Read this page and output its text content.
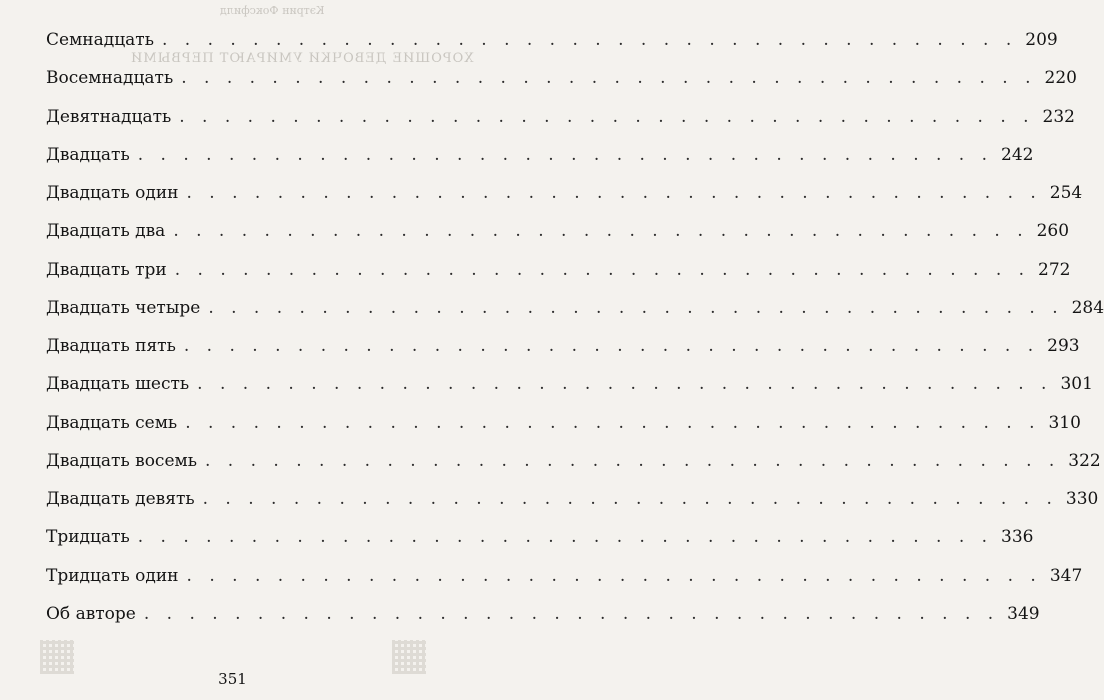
Кэтрин Фоксфилд
ХОРОШИЕ ДЕВОЧКИ УМИРАЮТ ПЕРВЫМИ
Семнадцать . . . . . . . . . . . . . . . . . . . . . . . . . . . . . . . . . . . . . . 209
Восемнадцать . . . . . . . . . . . . . . . . . . . . . . . . . . . . . . . . . . . . . . 220
Девятнадцать . . . . . . . . . . . . . . . . . . . . . . . . . . . . . . . . . . . . . . 232
Двадцать . . . . . . . . . . . . . . . . . . . . . . . . . . . . . . . . . . . . . . 242
Двадцать один . . . . . . . . . . . . . . . . . . . . . . . . . . . . . . . . . . . . . . 254
Двадцать два . . . . . . . . . . . . . . . . . . . . . . . . . . . . . . . . . . . . . . 260
Двадцать три . . . . . . . . . . . . . . . . . . . . . . . . . . . . . . . . . . . . . . 272
Двадцать четыре . . . . . . . . . . . . . . . . . . . . . . . . . . . . . . . . . . . . . . 284
Двадцать пять . . . . . . . . . . . . . . . . . . . . . . . . . . . . . . . . . . . . . . 293
Двадцать шесть . . . . . . . . . . . . . . . . . . . . . . . . . . . . . . . . . . . . . . 301
Двадцать семь . . . . . . . . . . . . . . . . . . . . . . . . . . . . . . . . . . . . . . 310
Двадцать восемь . . . . . . . . . . . . . . . . . . . . . . . . . . . . . . . . . . . . . . 322
Двадцать девять . . . . . . . . . . . . . . . . . . . . . . . . . . . . . . . . . . . . . . 330
Тридцать . . . . . . . . . . . . . . . . . . . . . . . . . . . . . . . . . . . . . . 336
Тридцать один . . . . . . . . . . . . . . . . . . . . . . . . . . . . . . . . . . . . . . 347
Об авторе . . . . . . . . . . . . . . . . . . . . . . . . . . . . . . . . . . . . . . 349
351
